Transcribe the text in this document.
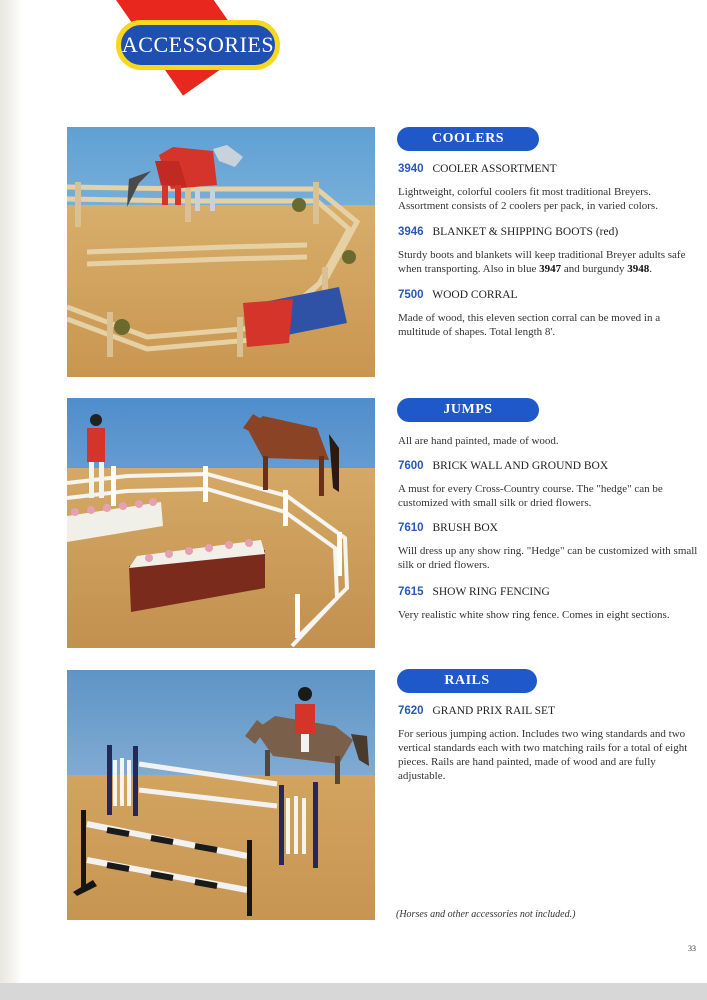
ACCESSORIES
COOLERS
JUMPS
RAILS
3940 COOLER ASSORTMENT
Lightweight, colorful coolers fit most traditional Breyers. Assortment consists of 2 coolers per pack, in varied colors.
3946 BLANKET & SHIPPING BOOTS (red)
Sturdy boots and blankets will keep traditional Breyer adults safe when transporting. Also in blue 3947 and burgundy 3948.
7500 WOOD CORRAL
Made of wood, this eleven section corral can be moved in a multitude of shapes. Total length 8'.
All are hand painted, made of wood.
7600 BRICK WALL AND GROUND BOX
A must for every Cross-Country course. The "hedge" can be customized with small silk or dried flowers.
7610 BRUSH BOX
Will dress up any show ring. "Hedge" can be customized with small silk or dried flowers.
7615 SHOW RING FENCING
Very realistic white show ring fence. Comes in eight sections.
7620 GRAND PRIX RAIL SET
For serious jumping action. Includes two wing standards and two vertical standards each with two matching rails for a total of eight pieces. Rails are hand painted, made of wood and are fully adjustable.
(Horses and other accessories not included.)
33
